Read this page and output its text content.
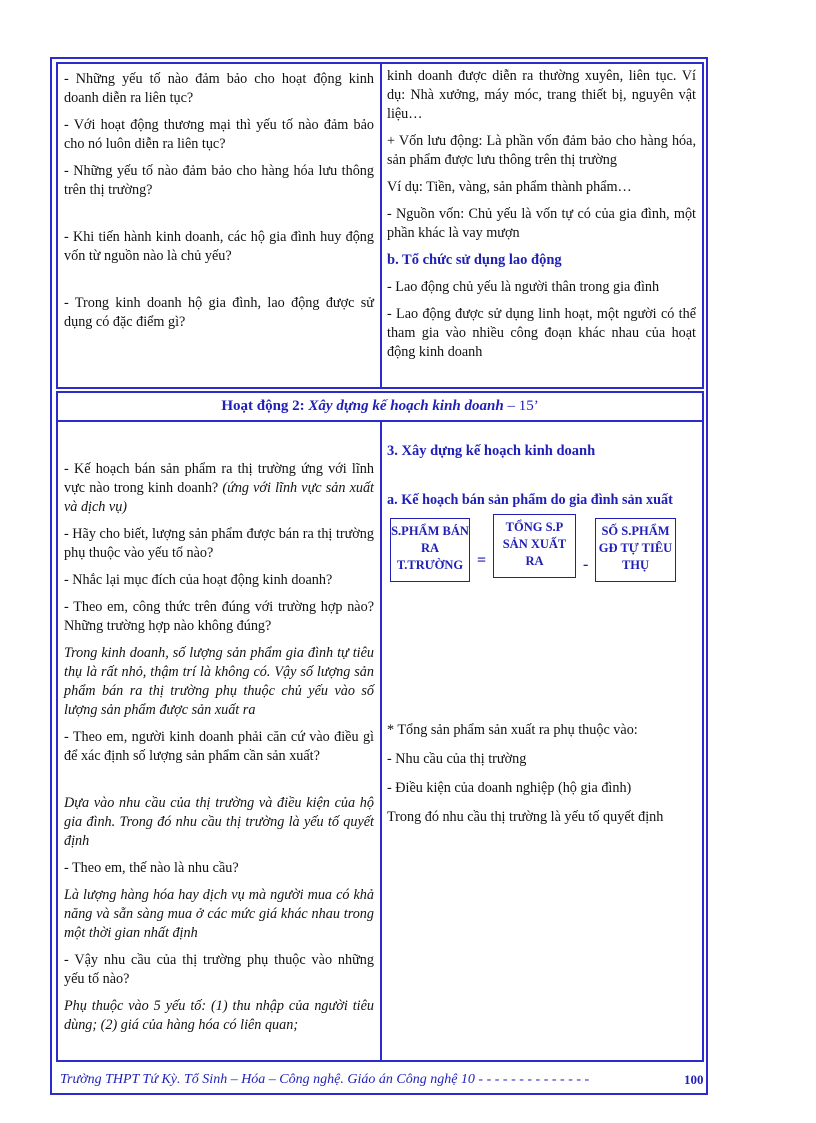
- Những yếu tố nào đảm bảo cho hoạt động kinh doanh diễn ra liên tục?

- Với hoạt động thương mại thì yếu tố nào đảm bảo cho nó luôn diễn ra liên tục?

- Những yếu tố nào đảm bảo cho hàng hóa lưu thông trên thị trường?

- Khi tiến hành kinh doanh, các hộ gia đình huy động vốn từ nguồn nào là chủ yếu?

- Trong kinh doanh hộ gia đình, lao động được sử dụng có đặc điểm gì?

kinh doanh được diễn ra thường xuyên, liên tục. Ví dụ: Nhà xưởng, máy móc, trang thiết bị, nguyên vật liệu…

+ Vốn lưu động: Là phần vốn đảm bảo cho hàng hóa, sản phẩm được lưu thông trên thị trường

Ví dụ: Tiền, vàng, sản phẩm thành phẩm…

- Nguồn vốn: Chủ yếu là vốn tự có của gia đình, một phần khác là vay mượn

b. Tổ chức sử dụng lao động

- Lao động chủ yếu là người thân trong gia đình

- Lao động được sử dụng linh hoạt, một người có thể tham gia vào nhiều công đoạn khác nhau của hoạt động kinh doanh

Hoạt động 2: Xây dựng kế hoạch kinh doanh – 15’

- Kế hoạch bán sản phẩm ra thị trường ứng với lĩnh vực nào trong kinh doanh? (ứng với lĩnh vực sản xuất và dịch vụ)

- Hãy cho biết, lượng sản phẩm được bán ra thị trường phụ thuộc vào yếu tố nào?

- Nhắc lại mục đích của hoạt động kinh doanh?

- Theo em, công thức trên đúng với trường hợp nào? Những trường hợp nào không đúng?

Trong kinh doanh, số lượng sản phẩm gia đình tự tiêu thụ là rất nhỏ, thậm trí là không có. Vậy số lượng sản phẩm bán ra thị trường phụ thuộc chủ yếu vào số lượng sản phẩm được sản xuất ra

- Theo em, người kinh doanh phải căn cứ vào điều gì để xác định số lượng sản phẩm cần sản xuất?

Dựa vào nhu cầu của thị trường và điều kiện của hộ gia đình. Trong đó nhu cầu thị trường là yếu tố quyết định

- Theo em, thế nào là nhu cầu?

Là lượng hàng hóa hay dịch vụ mà người mua có khả năng và sẵn sàng mua ở các mức giá khác nhau trong một thời gian nhất định

- Vậy nhu cầu của thị trường phụ thuộc vào những yếu tố nào?

Phụ thuộc vào 5 yếu tố: (1) thu nhập của người tiêu dùng; (2) giá của hàng hóa có liên quan;

3. Xây dựng kế hoạch kinh doanh

a. Kế hoạch bán sản phẩm do gia đình sản xuất

S.PHẨM BÁN RA T.TRƯỜNG =
TỔNG S.P SẢN XUẤT RA	-
SỐ S.PHẨM GĐ TỰ TIÊU THỤ

* Tổng sản phẩm sản xuất ra phụ thuộc vào:

- Nhu cầu của thị trường

- Điều kiện của doanh nghiệp (hộ gia đình)

Trong đó nhu cầu thị trường là yếu tố quyết định

Trường THPT Tứ Kỳ. Tổ Sinh – Hóa – Công nghệ. Giáo án Công nghệ 10 - - - - - - - - - - - - - -	100
